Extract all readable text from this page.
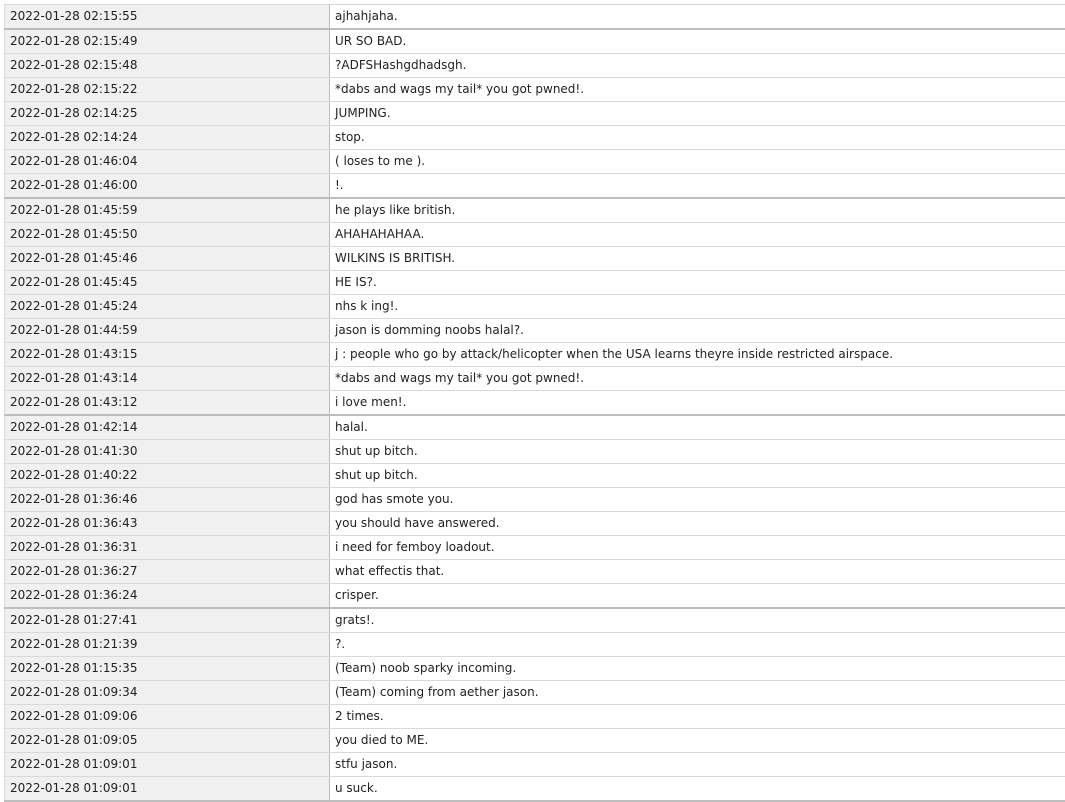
2022-01-28 02:15:55	ajhahjaha.
2022-01-28 02:15:49	UR SO BAD.
2022-01-28 02:15:48	?ADFSHashgdhadsgh.
2022-01-28 02:15:22	*dabs and wags my tail* you got pwned!.
2022-01-28 02:14:25	JUMPING.
2022-01-28 02:14:24	stop.
2022-01-28 01:46:04	( loses to me ).
2022-01-28 01:46:00	!.
2022-01-28 01:45:59	he plays like british.
2022-01-28 01:45:50	AHAHAHAHAA.
2022-01-28 01:45:46	WILKINS IS BRITISH.
2022-01-28 01:45:45	HE IS?.
2022-01-28 01:45:24	nhs k ing!.
2022-01-28 01:44:59	jason is domming noobs halal?.
2022-01-28 01:43:15	j : people who go by attack/helicopter when the USA learns theyre inside restricted airspace.
2022-01-28 01:43:14	*dabs and wags my tail* you got pwned!.
2022-01-28 01:43:12	i love men!.
2022-01-28 01:42:14	halal.
2022-01-28 01:41:30	shut up bitch.
2022-01-28 01:40:22	shut up bitch.
2022-01-28 01:36:46	god has smote you.
2022-01-28 01:36:43	you should have answered.
2022-01-28 01:36:31	i need for femboy loadout.
2022-01-28 01:36:27	what effectis that.
2022-01-28 01:36:24	crisper.
2022-01-28 01:27:41	grats!.
2022-01-28 01:21:39	?.
2022-01-28 01:15:35	(Team) noob sparky incoming.
2022-01-28 01:09:34	(Team) coming from aether jason.
2022-01-28 01:09:06	2 times.
2022-01-28 01:09:05	you died to ME.
2022-01-28 01:09:01	stfu jason.
2022-01-28 01:09:01	u suck.
